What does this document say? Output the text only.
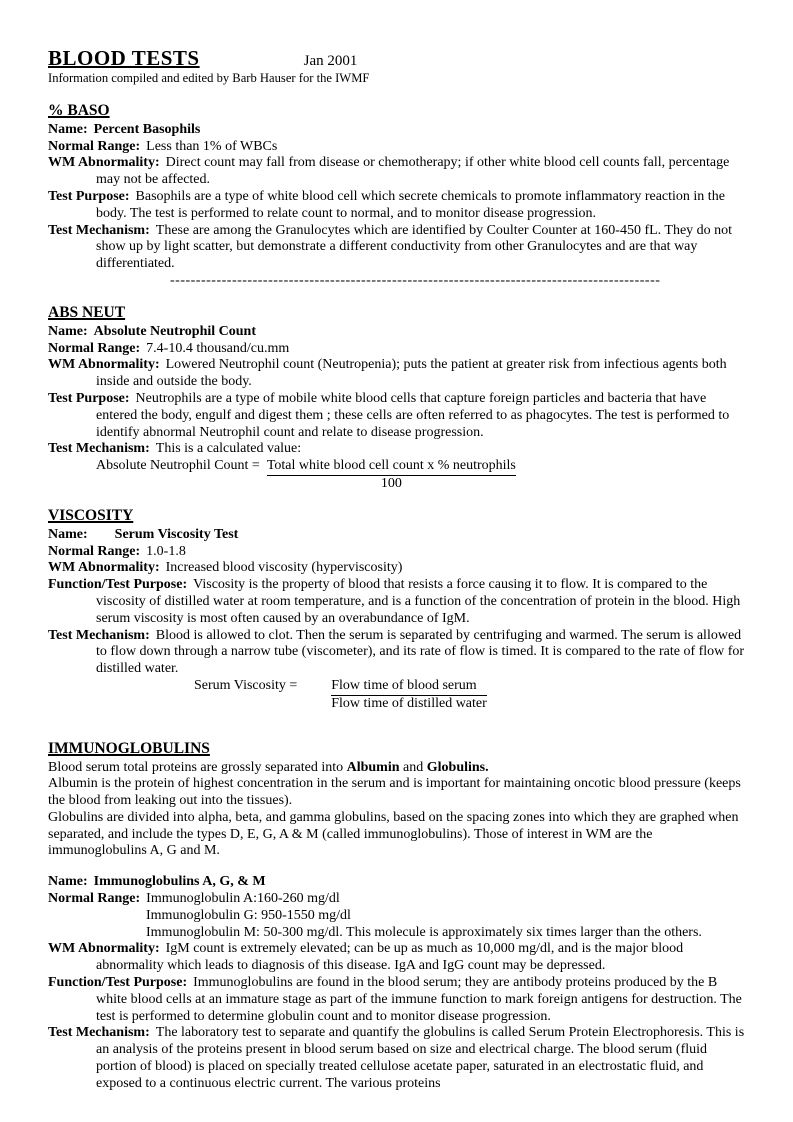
BLOOD TESTS	Jan 2001
Information compiled and edited by Barb Hauser for the IWMF
% BASO
Name: Percent Basophils
Normal Range: Less than 1% of WBCs
WM Abnormality: Direct count may fall from disease or chemotherapy; if other white blood cell counts fall, percentage may not be affected.
Test Purpose: Basophils are a type of white blood cell which secrete chemicals to promote inflammatory reaction in the body. The test is performed to relate count to normal, and to monitor disease progression.
Test Mechanism: These are among the Granulocytes which are identified by Coulter Counter at 160-450 fL. They do not show up by light scatter, but demonstrate a different conductivity from other Granulocytes and are that way differentiated.
-----------------------------------------------------------------------------------------------
ABS NEUT
Name: Absolute Neutrophil Count
Normal Range: 7.4-10.4 thousand/cu.mm
WM Abnormality: Lowered Neutrophil count (Neutropenia); puts the patient at greater risk from infectious agents both inside and outside the body.
Test Purpose: Neutrophils are a type of mobile white blood cells that capture foreign particles and bacteria that have entered the body, engulf and digest them ; these cells are often referred to as phagocytes. The test is performed to identify abnormal Neutrophil count and relate to disease progression.
Test Mechanism: This is a calculated value:
Absolute Neutrophil Count = $\frac{\text{Total white blood cell count x \% neutrophils}}{100}$
VISCOSITY
Name: Serum Viscosity Test
Normal Range: 1.0-1.8
WM Abnormality: Increased blood viscosity (hyperviscosity)
Function/Test Purpose: Viscosity is the property of blood that resists a force causing it to flow. It is compared to the viscosity of distilled water at room temperature, and is a function of the concentration of protein in the blood. High serum viscosity is most often caused by an overabundance of IgM.
Test Mechanism: Blood is allowed to clot. Then the serum is separated by centrifuging and warmed. The serum is allowed to flow down through a narrow tube (viscometer), and its rate of flow is timed. It is compared to the rate of flow for distilled water.
Serum Viscosity = $\frac{\text{Flow time of blood serum}}{\text{Flow time of distilled water}}$
IMMUNOGLOBULINS
Blood serum total proteins are grossly separated into Albumin and Globulins.
Albumin is the protein of highest concentration in the serum and is important for maintaining oncotic blood pressure (keeps the blood from leaking out into the tissues).
Globulins are divided into alpha, beta, and gamma globulins, based on the spacing zones into which they are graphed when separated, and include the types D, E, G, A & M (called immunoglobulins). Those of interest in WM are the immunoglobulins A, G and M.
Name: Immunoglobulins A, G, & M
Normal Range: Immunoglobulin A:160-260 mg/dl
Immunoglobulin G: 950-1550 mg/dl
Immunoglobulin M: 50-300 mg/dl. This molecule is approximately six times larger than the others.
WM Abnormality: IgM count is extremely elevated; can be up as much as 10,000 mg/dl, and is the major blood abnormality which leads to diagnosis of this disease. IgA and IgG count may be depressed.
Function/Test Purpose: Immunoglobulins are found in the blood serum; they are antibody proteins produced by the B white blood cells at an immature stage as part of the immune function to mark foreign antigens for destruction. The test is performed to determine globulin count and to monitor disease progression.
Test Mechanism: The laboratory test to separate and quantify the globulins is called Serum Protein Electrophoresis. This is an analysis of the proteins present in blood serum based on size and electrical charge. The blood serum (fluid portion of blood) is placed on specially treated cellulose acetate paper, saturated in an electrostatic fluid, and exposed to a continuous electric current. The various proteins
